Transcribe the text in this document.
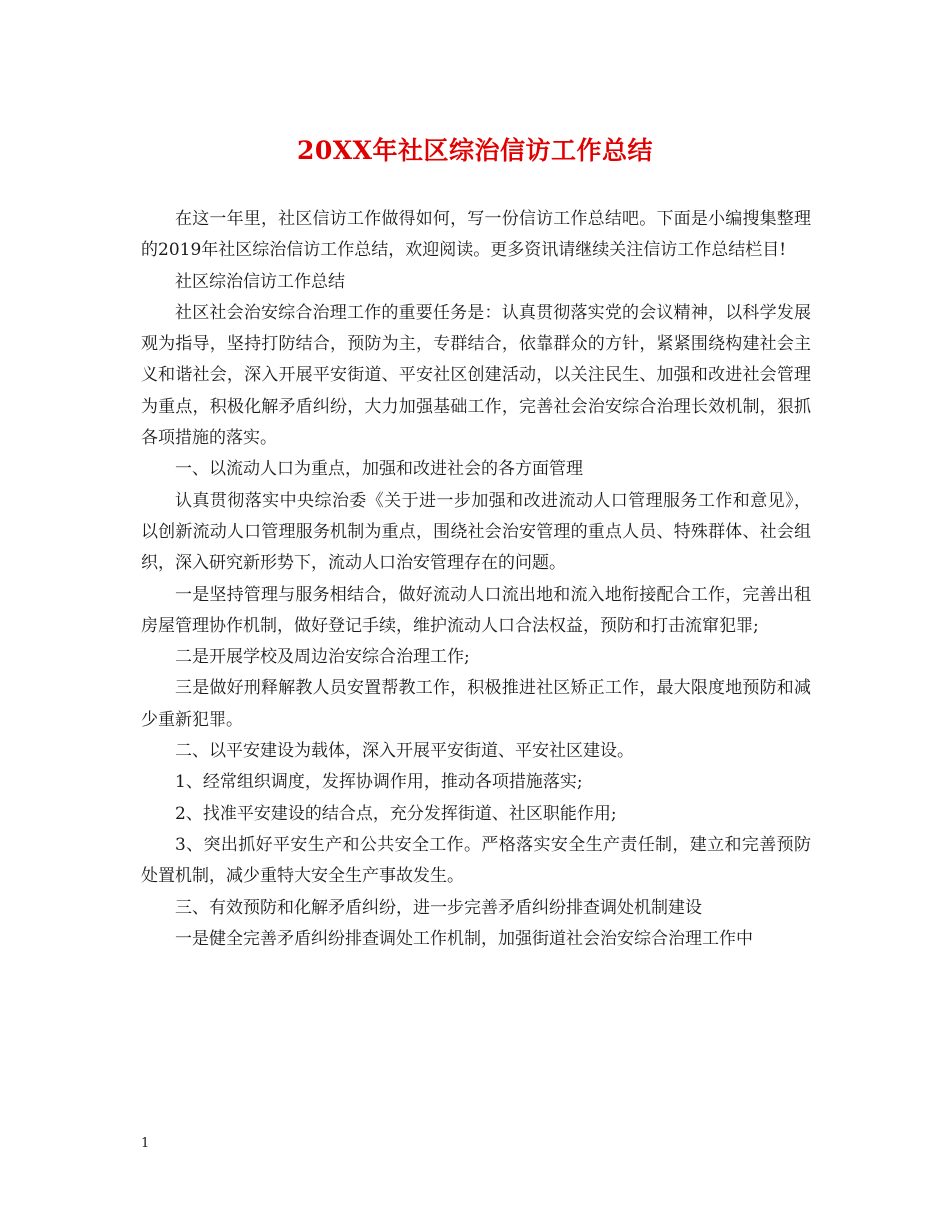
20XX年社区综治信访工作总结

在这一年里，社区信访工作做得如何，写一份信访工作总结吧。下面是小编搜集整理的2019年社区综治信访工作总结，欢迎阅读。更多资讯请继续关注信访工作总结栏目!

社区综治信访工作总结

社区社会治安综合治理工作的重要任务是：认真贯彻落实党的会议精神，以科学发展观为指导，坚持打防结合，预防为主，专群结合，依靠群众的方针，紧紧围绕构建社会主义和谐社会，深入开展平安街道、平安社区创建活动，以关注民生、加强和改进社会管理为重点，积极化解矛盾纠纷，大力加强基础工作，完善社会治安综合治理长效机制，狠抓各项措施的落实。

一、以流动人口为重点，加强和改进社会的各方面管理

认真贯彻落实中央综治委《关于进一步加强和改进流动人口管理服务工作和意见》，以创新流动人口管理服务机制为重点，围绕社会治安管理的重点人员、特殊群体、社会组织，深入研究新形势下，流动人口治安管理存在的问题。

一是坚持管理与服务相结合，做好流动人口流出地和流入地衔接配合工作，完善出租房屋管理协作机制，做好登记手续，维护流动人口合法权益，预防和打击流窜犯罪;

二是开展学校及周边治安综合治理工作;

三是做好刑释解教人员安置帮教工作，积极推进社区矫正工作，最大限度地预防和减少重新犯罪。

二、以平安建设为载体，深入开展平安街道、平安社区建设。

1、经常组织调度，发挥协调作用，推动各项措施落实;

2、找准平安建设的结合点，充分发挥街道、社区职能作用;

3、突出抓好平安生产和公共安全工作。严格落实安全生产责任制，建立和完善预防处置机制，减少重特大安全生产事故发生。

三、有效预防和化解矛盾纠纷，进一步完善矛盾纠纷排查调处机制建设

一是健全完善矛盾纠纷排查调处工作机制，加强街道社会治安综合治理工作中

1
